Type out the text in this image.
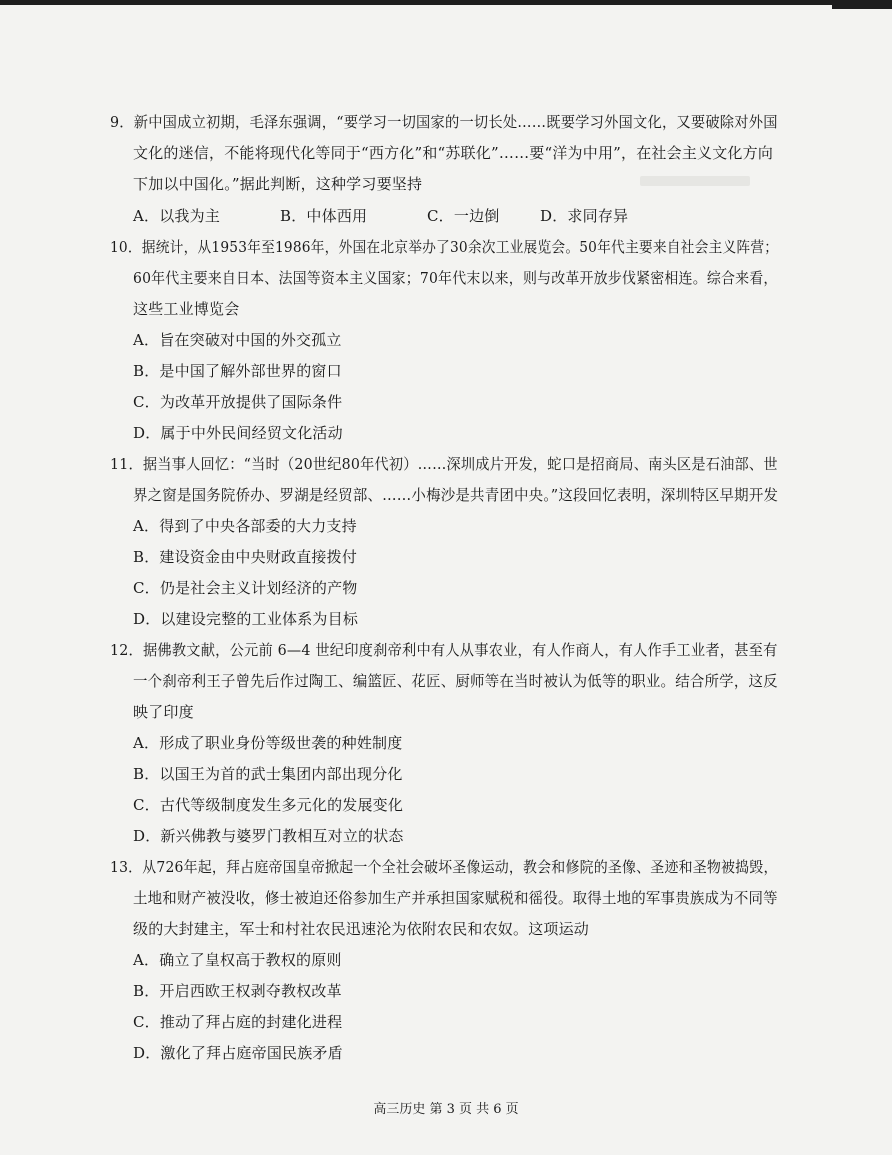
9．新中国成立初期，毛泽东强调，“要学习一切国家的一切长处……既要学习外国文化，又要破除对外国
文化的迷信，不能将现代化等同于“西方化”和“苏联化”……要“洋为中用”，在社会主义文化方向
下加以中国化。”据此判断，这种学习要坚持
A．以我为主	B．中体西用	C．一边倒	D．求同存异
10．据统计，从1953年至1986年，外国在北京举办了30余次工业展览会。50年代主要来自社会主义阵营；
60年代主要来自日本、法国等资本主义国家；70年代末以来，则与改革开放步伐紧密相连。综合来看，
这些工业博览会
A．旨在突破对中国的外交孤立
B．是中国了解外部世界的窗口
C．为改革开放提供了国际条件
D．属于中外民间经贸文化活动
11．据当事人回忆：“当时（20世纪80年代初）……深圳成片开发，蛇口是招商局、南头区是石油部、世
界之窗是国务院侨办、罗湖是经贸部、……小梅沙是共青团中央。”这段回忆表明，深圳特区早期开发
A．得到了中央各部委的大力支持
B．建设资金由中央财政直接拨付
C．仍是社会主义计划经济的产物
D．以建设完整的工业体系为目标
12．据佛教文献，公元前 6—4 世纪印度刹帝利中有人从事农业，有人作商人，有人作手工业者，甚至有
一个刹帝利王子曾先后作过陶工、编篮匠、花匠、厨师等在当时被认为低等的职业。结合所学，这反
映了印度
A．形成了职业身份等级世袭的种姓制度
B．以国王为首的武士集团内部出现分化
C．古代等级制度发生多元化的发展变化
D．新兴佛教与婆罗门教相互对立的状态
13．从726年起，拜占庭帝国皇帝掀起一个全社会破坏圣像运动，教会和修院的圣像、圣迹和圣物被捣毁，
土地和财产被没收，修士被迫还俗参加生产并承担国家赋税和徭役。取得土地的军事贵族成为不同等
级的大封建主，军士和村社农民迅速沦为依附农民和农奴。这项运动
A．确立了皇权高于教权的原则
B．开启西欧王权剥夺教权改革
C．推动了拜占庭的封建化进程
D．激化了拜占庭帝国民族矛盾
高三历史 第 3 页 共 6 页
